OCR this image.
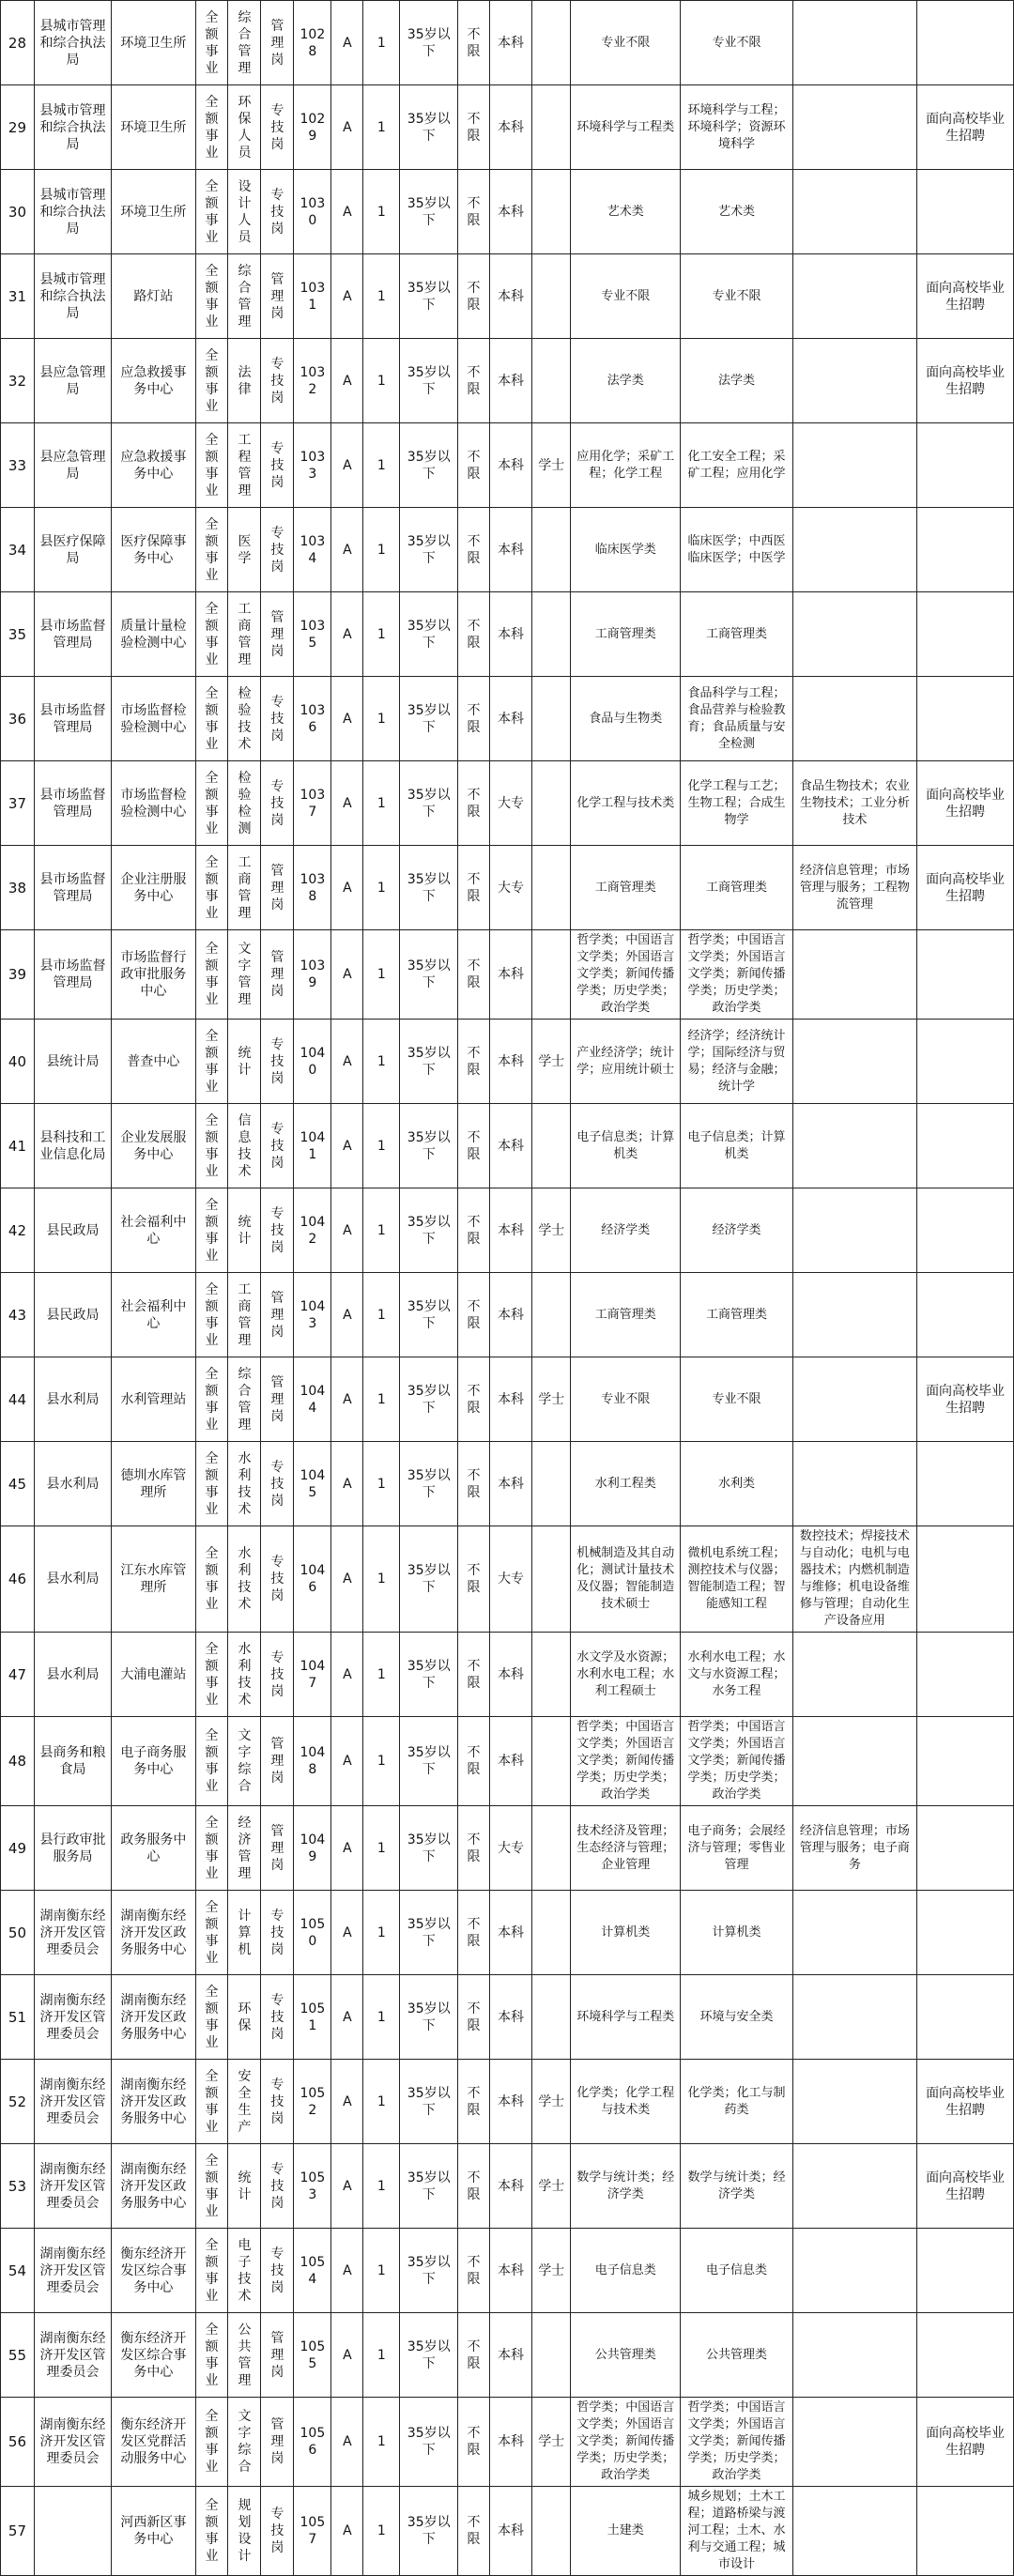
28	县城市管理和综合执法局	环境卫生所	全额事业	综合管理	管理岗	1028	A	1	35岁以下	不限	本科		专业不限	专业不限		
29	县城市管理和综合执法局	环境卫生所	全额事业	环保人员	专技岗	1029	A	1	35岁以下	不限	本科		环境科学与工程类	环境科学与工程；环境科学；资源环境科学		面向高校毕业生招聘
30	县城市管理和综合执法局	环境卫生所	全额事业	设计人员	专技岗	1030	A	1	35岁以下	不限	本科		艺术类	艺术类		
31	县城市管理和综合执法局	路灯站	全额事业	综合管理	管理岗	1031	A	1	35岁以下	不限	本科		专业不限	专业不限		面向高校毕业生招聘
32	县应急管理局	应急救援事务中心	全额事业	法律	专技岗	1032	A	1	35岁以下	不限	本科		法学类	法学类		面向高校毕业生招聘
33	县应急管理局	应急救援事务中心	全额事业	工程管理	专技岗	1033	A	1	35岁以下	不限	本科	学士	应用化学；采矿工程；化学工程	化工安全工程；采矿工程；应用化学		
34	县医疗保障局	医疗保障事务中心	全额事业	医学	专技岗	1034	A	1	35岁以下	不限	本科		临床医学类	临床医学；中西医临床医学；中医学		
35	县市场监督管理局	质量计量检验检测中心	全额事业	工商管理	管理岗	1035	A	1	35岁以下	不限	本科		工商管理类	工商管理类		
36	县市场监督管理局	市场监督检验检测中心	全额事业	检验技术	专技岗	1036	A	1	35岁以下	不限	本科		食品与生物类	食品科学与工程；食品营养与检验教育；食品质量与安全检测		
37	县市场监督管理局	市场监督检验检测中心	全额事业	检验检测	专技岗	1037	A	1	35岁以下	不限	大专		化学工程与技术类	化学工程与工艺；生物工程；合成生物学	食品生物技术；农业生物技术；工业分析技术	面向高校毕业生招聘
38	县市场监督管理局	企业注册服务中心	全额事业	工商管理	管理岗	1038	A	1	35岁以下	不限	大专		工商管理类	工商管理类	经济信息管理；市场管理与服务；工程物流管理	面向高校毕业生招聘
39	县市场监督管理局	市场监督行政审批服务中心	全额事业	文字管理	管理岗	1039	A	1	35岁以下	不限	本科		哲学类；中国语言文学类；外国语言文学类；新闻传播学类；历史学类；政治学类	哲学类；中国语言文学类；外国语言文学类；新闻传播学类；历史学类；政治学类		
40	县统计局	普查中心	全额事业	统计	专技岗	1040	A	1	35岁以下	不限	本科	学士	产业经济学；统计学；应用统计硕士	经济学；经济统计学；国际经济与贸易；经济与金融；统计学		
41	县科技和工业信息化局	企业发展服务中心	全额事业	信息技术	专技岗	1041	A	1	35岁以下	不限	本科		电子信息类；计算机类	电子信息类；计算机类		
42	县民政局	社会福利中心	全额事业	统计	专技岗	1042	A	1	35岁以下	不限	本科	学士	经济学类	经济学类		
43	县民政局	社会福利中心	全额事业	工商管理	管理岗	1043	A	1	35岁以下	不限	本科		工商管理类	工商管理类		
44	县水利局	水利管理站	全额事业	综合管理	管理岗	1044	A	1	35岁以下	不限	本科	学士	专业不限	专业不限		面向高校毕业生招聘
45	县水利局	德圳水库管理所	全额事业	水利技术	专技岗	1045	A	1	35岁以下	不限	本科		水利工程类	水利类		
46	县水利局	江东水库管理所	全额事业	水利技术	专技岗	1046	A	1	35岁以下	不限	大专		机械制造及其自动化；测试计量技术及仪器；智能制造技术硕士	微机电系统工程；测控技术与仪器；智能制造工程；智能感知工程	数控技术；焊接技术与自动化；电机与电器技术；内燃机制造与维修；机电设备维修与管理；自动化生产设备应用	
47	县水利局	大浦电灌站	全额事业	水利技术	专技岗	1047	A	1	35岁以下	不限	本科		水文学及水资源；水利水电工程；水利工程硕士	水利水电工程；水文与水资源工程；水务工程		
48	县商务和粮食局	电子商务服务中心	全额事业	文字综合	管理岗	1048	A	1	35岁以下	不限	本科		哲学类；中国语言文学类；外国语言文学类；新闻传播学类；历史学类；政治学类	哲学类；中国语言文学类；外国语言文学类；新闻传播学类；历史学类；政治学类		
49	县行政审批服务局	政务服务中心	全额事业	经济管理	管理岗	1049	A	1	35岁以下	不限	大专		技术经济及管理；生态经济与管理；企业管理	电子商务；会展经济与管理；零售业管理	经济信息管理；市场管理与服务；电子商务	
50	湖南衡东经济开发区管理委员会	湖南衡东经济开发区政务服务中心	全额事业	计算机	专技岗	1050	A	1	35岁以下	不限	本科		计算机类	计算机类		
51	湖南衡东经济开发区管理委员会	湖南衡东经济开发区政务服务中心	全额事业	环保	专技岗	1051	A	1	35岁以下	不限	本科		环境科学与工程类	环境与安全类		
52	湖南衡东经济开发区管理委员会	湖南衡东经济开发区政务服务中心	全额事业	安全生产	专技岗	1052	A	1	35岁以下	不限	本科	学士	化学类；化学工程与技术类	化学类；化工与制药类		面向高校毕业生招聘
53	湖南衡东经济开发区管理委员会	湖南衡东经济开发区政务服务中心	全额事业	统计	专技岗	1053	A	1	35岁以下	不限	本科	学士	数学与统计类；经济学类	数学与统计类；经济学类		面向高校毕业生招聘
54	湖南衡东经济开发区管理委员会	衡东经济开发区综合事务中心	全额事业	电子技术	专技岗	1054	A	1	35岁以下	不限	本科	学士	电子信息类	电子信息类		
55	湖南衡东经济开发区管理委员会	衡东经济开发区综合事务中心	全额事业	公共管理	管理岗	1055	A	1	35岁以下	不限	本科		公共管理类	公共管理类		
56	湖南衡东经济开发区管理委员会	衡东经济开发区党群活动服务中心	全额事业	文字综合	管理岗	1056	A	1	35岁以下	不限	本科	学士	哲学类；中国语言文学类；外国语言文学类；新闻传播学类；历史学类；政治学类	哲学类；中国语言文学类；外国语言文学类；新闻传播学类；历史学类；政治学类		面向高校毕业生招聘
57		河西新区事务中心	全额事业	规划设计	专技岗	1057	A	1	35岁以下	不限	本科		土建类	城乡规划；土木工程；道路桥梁与渡河工程；土木、水利与交通工程；城市设计		
